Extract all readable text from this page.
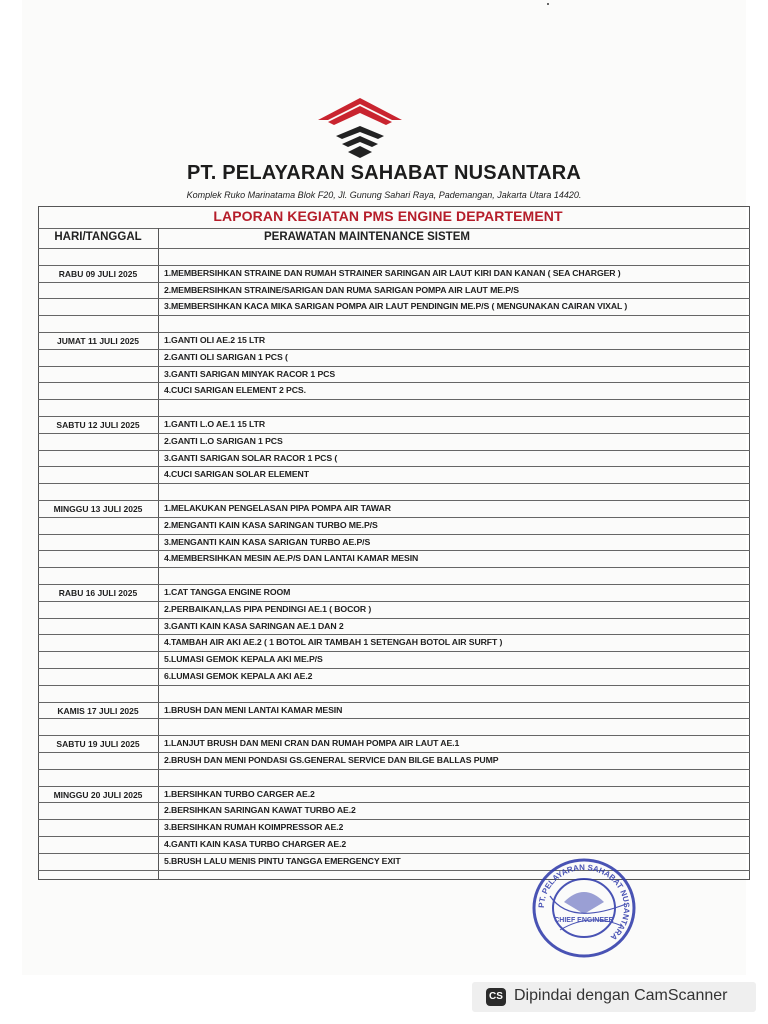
PT. PELAYARAN SAHABAT NUSANTARA
Komplek Ruko Marinatama Blok F20, Jl. Gunung Sahari Raya, Pademangan, Jakarta Utara 14420.
LAPORAN KEGIATAN PMS ENGINE DEPARTEMENT
HARI/TANGGAL	PERAWATAN MAINTENANCE SISTEM
RABU 09 JULI 2025	1.MEMBERSIHKAN STRAINE DAN RUMAH STRAINER SARINGAN AIR LAUT KIRI DAN KANAN ( SEA CHARGER )
2.MEMBERSIHKAN STRAINE/SARIGAN DAN RUMA SARIGAN POMPA AIR LAUT ME.P/S
3.MEMBERSIHKAN KACA MIKA SARIGAN POMPA AIR LAUT PENDINGIN ME.P/S ( MENGUNAKAN CAIRAN VIXAL )
JUMAT 11 JULI 2025	1.GANTI OLI AE.2 15 LTR
2.GANTI OLI SARIGAN 1 PCS (
3.GANTI SARIGAN MINYAK RACOR 1 PCS
4.CUCI SARIGAN ELEMENT 2 PCS.
SABTU 12 JULI 2025	1.GANTI L.O AE.1 15 LTR
2.GANTI L.O SARIGAN 1 PCS
3.GANTI SARIGAN SOLAR RACOR 1 PCS (
4.CUCI SARIGAN SOLAR ELEMENT
MINGGU 13 JULI 2025	1.MELAKUKAN PENGELASAN PIPA POMPA AIR TAWAR
2.MENGANTI KAIN KASA SARINGAN TURBO ME.P/S
3.MENGANTI KAIN KASA SARIGAN TURBO AE.P/S
4.MEMBERSIHKAN MESIN AE.P/S DAN LANTAI KAMAR MESIN
RABU 16 JULI 2025	1.CAT TANGGA ENGINE ROOM
2.PERBAIKAN,LAS PIPA PENDINGI AE.1 ( BOCOR )
3.GANTI KAIN KASA SARINGAN AE.1 DAN 2
4.TAMBAH AIR AKI AE.2 ( 1 BOTOL AIR TAMBAH 1 SETENGAH BOTOL AIR SURFT )
5.LUMASI GEMOK KEPALA AKI ME.P/S
6.LUMASI GEMOK KEPALA AKI AE.2
KAMIS 17 JULI 2025	1.BRUSH DAN MENI LANTAI KAMAR MESIN
SABTU 19 JULI 2025	1.LANJUT BRUSH DAN MENI CRAN DAN RUMAH POMPA AIR LAUT AE.1
2.BRUSH DAN MENI PONDASI GS.GENERAL SERVICE DAN BILGE BALLAS PUMP
MINGGU 20 JULI 2025	1.BERSIHKAN TURBO CARGER AE.2
2.BERSIHKAN SARINGAN KAWAT TURBO AE.2
3.BERSIHKAN RUMAH KOIMPRESSOR AE.2
4.GANTI KAIN KASA TURBO CHARGER AE.2
5.BRUSH LALU MENIS PINTU TANGGA EMERGENCY EXIT
PT. PELAYARAN SAHABAT NUSANTARA
CHIEF ENGINEER
CS Dipindai dengan CamScanner
